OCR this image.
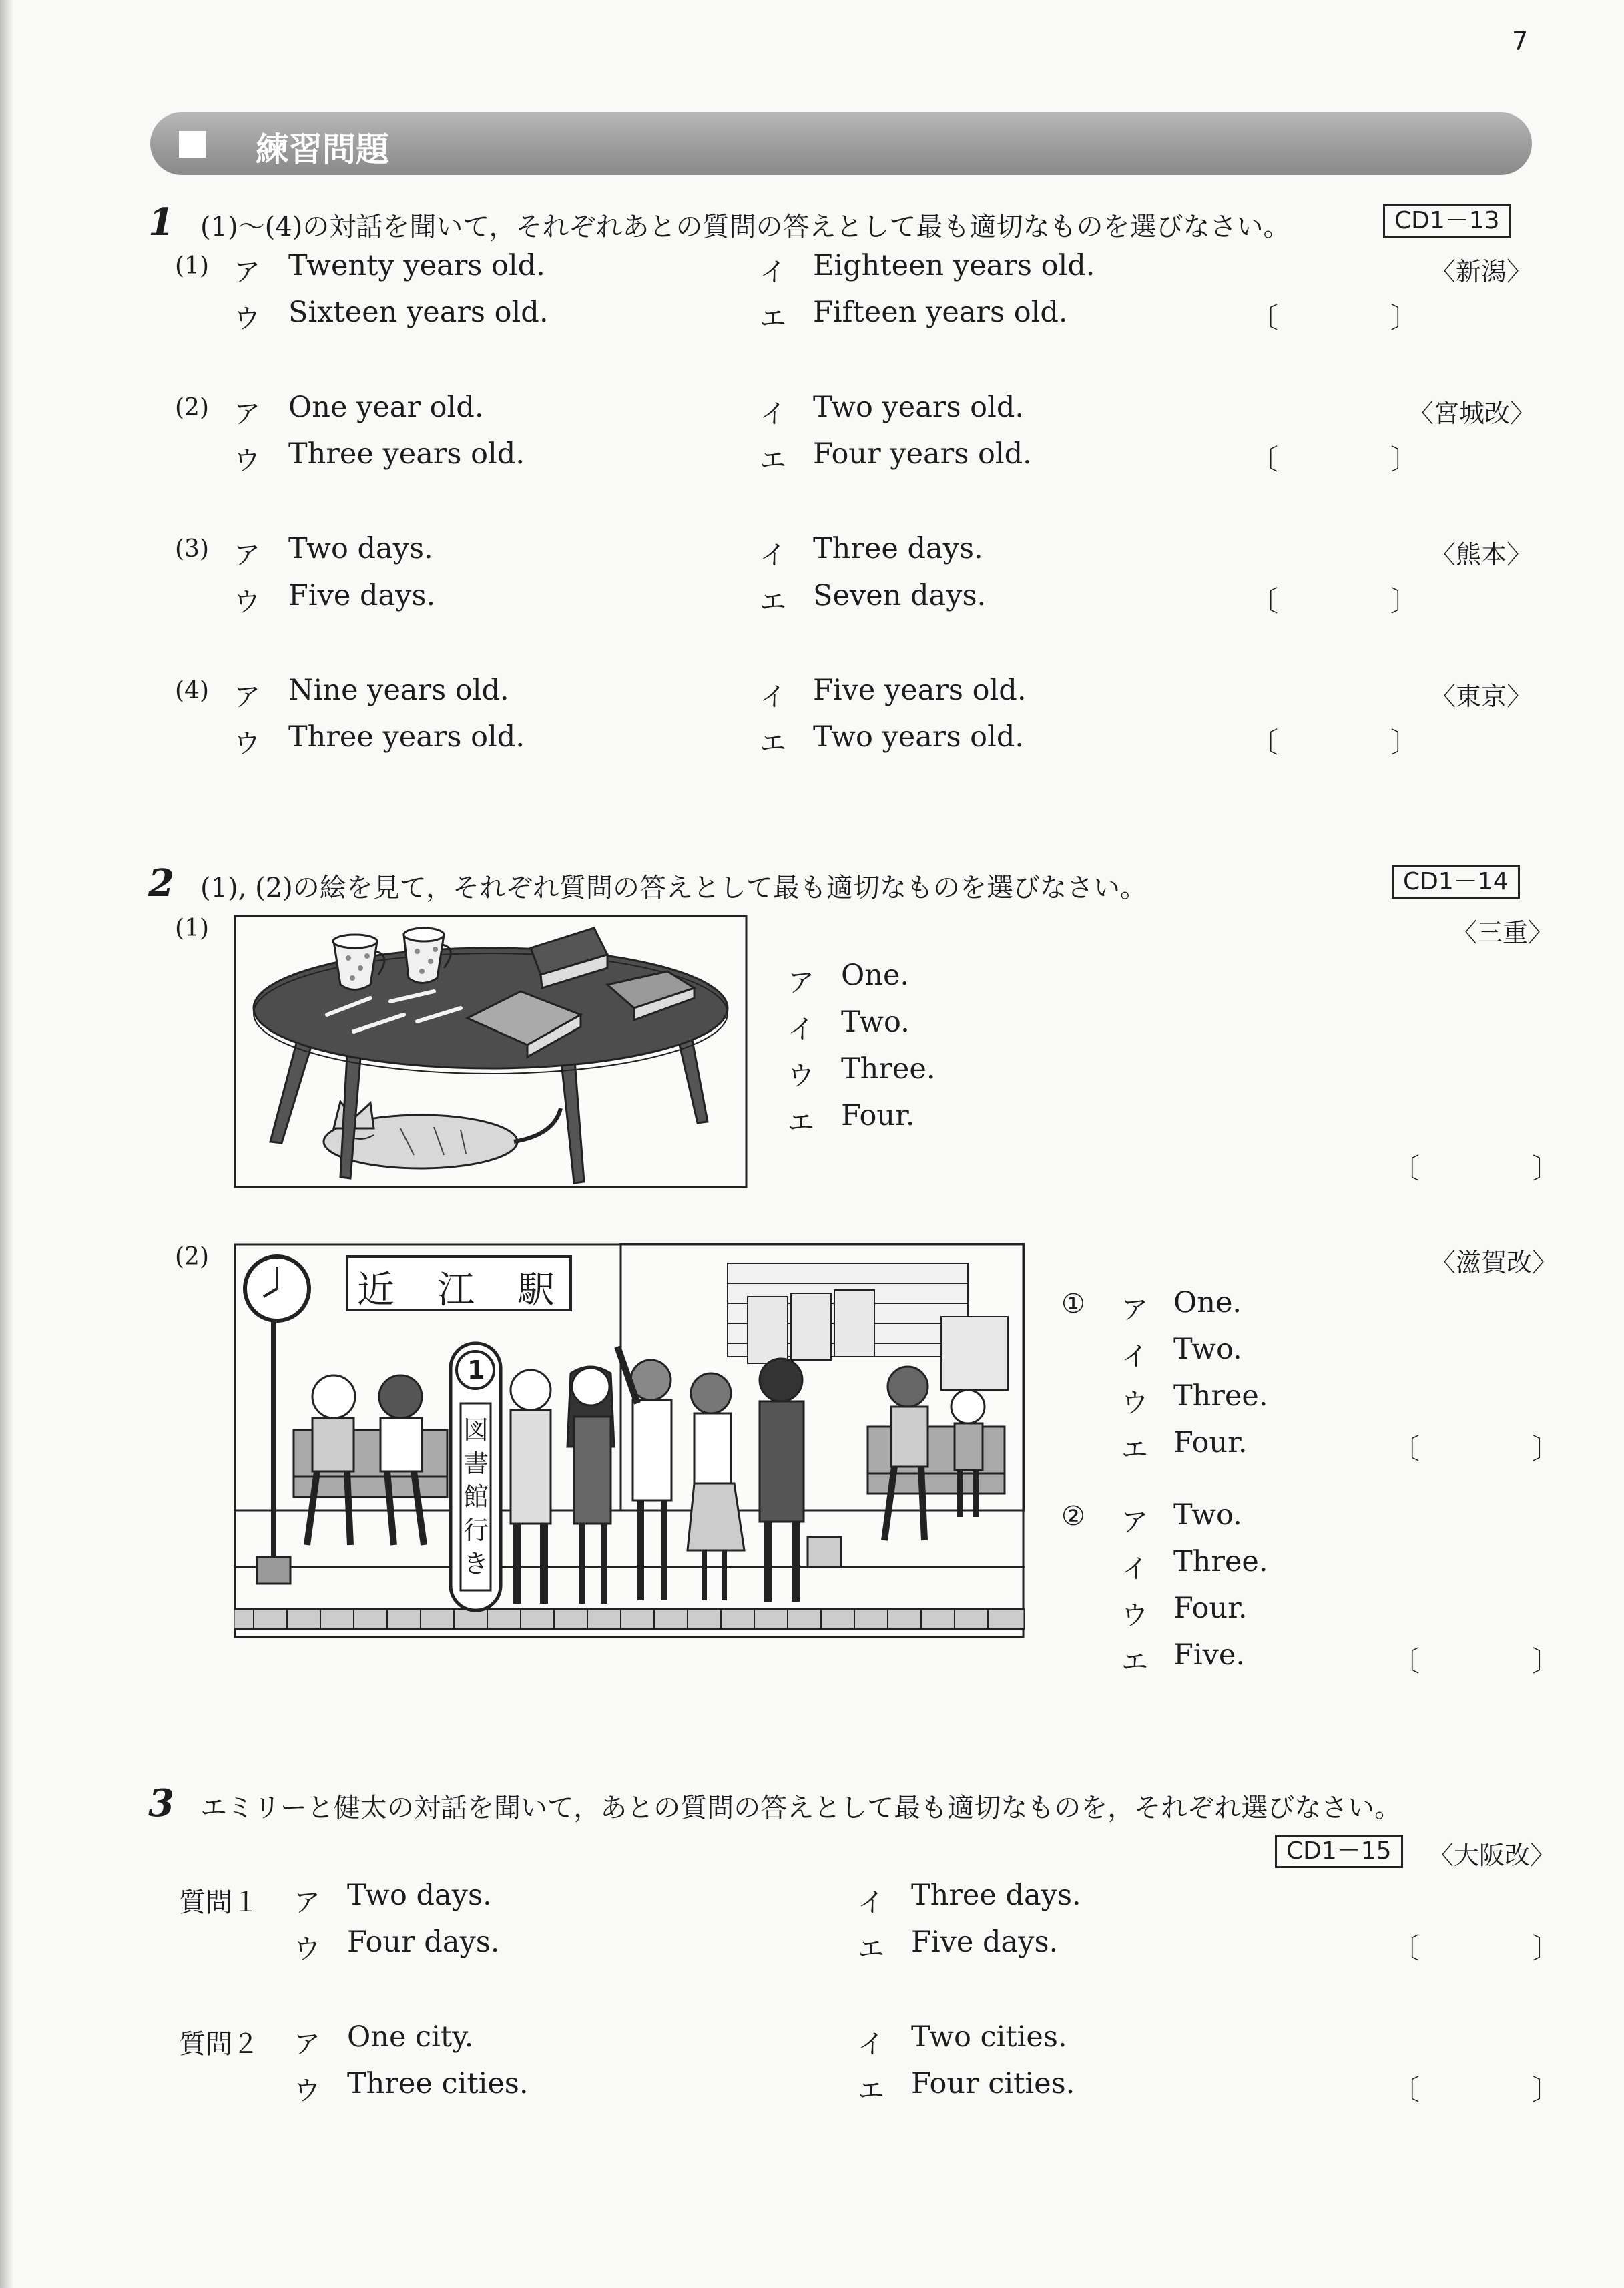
7
練習問題
1 (1)〜(4)の対話を聞いて，それぞれあとの質問の答えとして最も適切なものを選びなさい。	CD1－13
(1)	〈新潟〉
ア Twenty years old.	イ Eighteen years old.
ウ Sixteen years old.	エ Fifteen years old.	〔　　　　〕
(2)	〈宮城改〉
ア One year old.	イ Two years old.
ウ Three years old.	エ Four years old.	〔　　　　〕
(3)	〈熊本〉
ア Two days.	イ Three days.
ウ Five days.	エ Seven days.	〔　　　　〕
(4)	〈東京〉
ア Nine years old.	イ Five years old.
ウ Three years old.	エ Two years old.	〔　　　　〕
2 (1), (2)の絵を見て，それぞれ質問の答えとして最も適切なものを選びなさい。	CD1－14
(1)	〈三重〉
ア One.
イ Two.
ウ Three.
エ Four.
〔　　　　〕
(2)	〈滋賀改〉
近　江　駅
1
図書館行き
① ア One.
イ Two.
ウ Three.
エ Four.	〔　　　　〕
② ア Two.
イ Three.
ウ Four.
エ Five.	〔　　　　〕
3 エミリーと健太の対話を聞いて，あとの質問の答えとして最も適切なものを，それぞれ選びなさい。
CD1－15	〈大阪改〉
質問１ ア Two days.	イ Three days.
ウ Four days.	エ Five days.	〔　　　　〕
質問２ ア One city.	イ Two cities.
ウ Three cities.	エ Four cities.	〔　　　　〕
